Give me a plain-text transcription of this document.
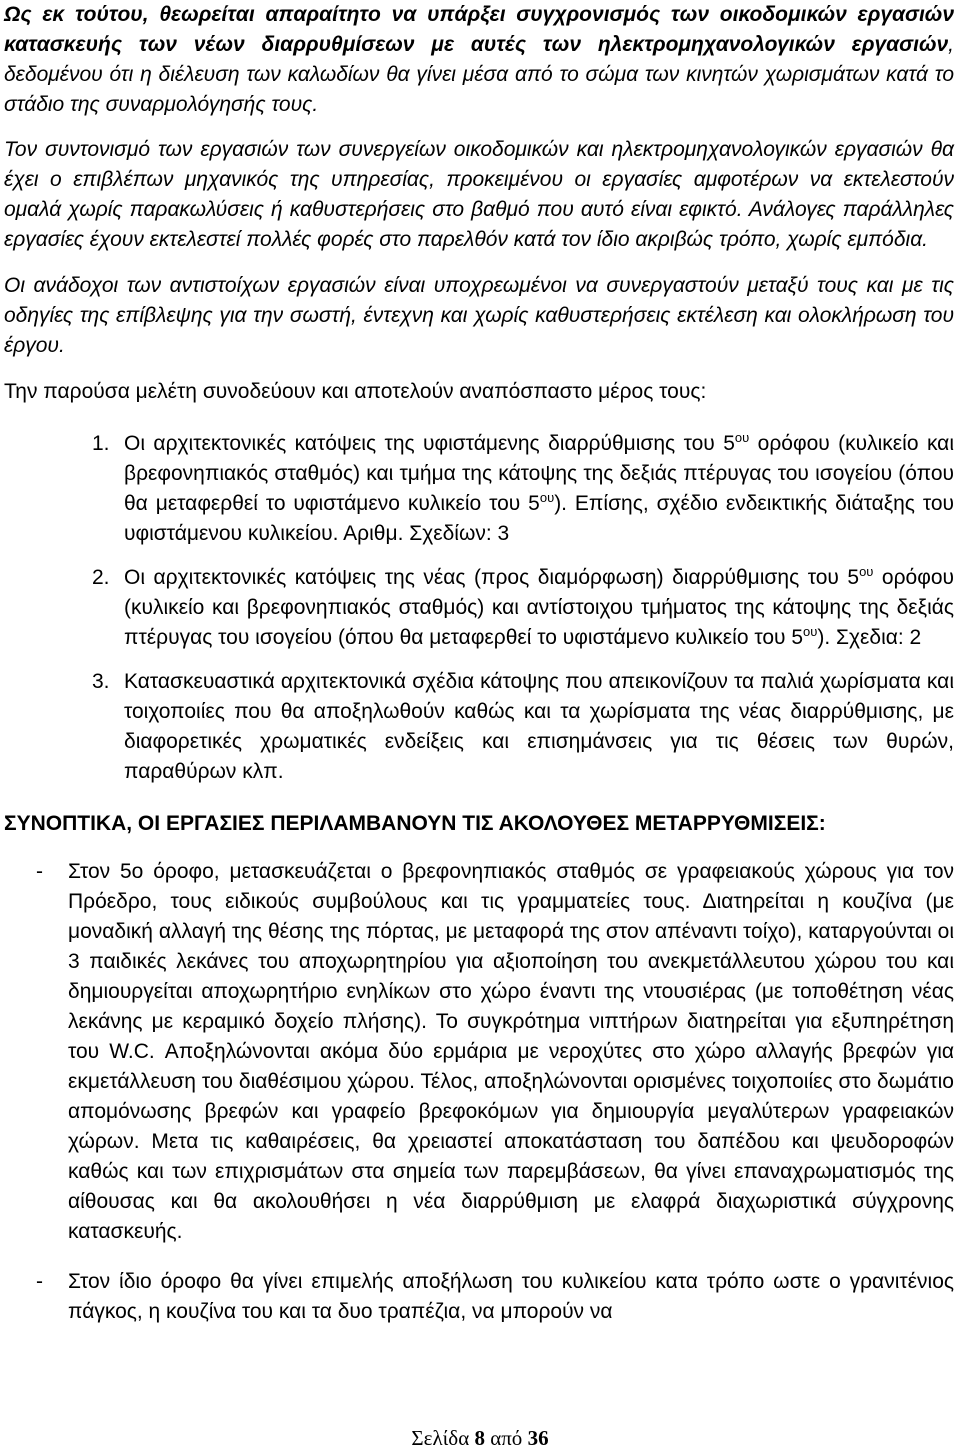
Ως εκ τούτου, θεωρείται απαραίτητο να υπάρξει συγχρονισμός των οικοδομικών εργασιών κατασκευής των νέων διαρρυθμίσεων με αυτές των ηλεκτρομηχανολογικών εργασιών, δεδομένου ότι η διέλευση των καλωδίων θα γίνει μέσα από το σώμα των κινητών χωρισμάτων κατά το στάδιο της συναρμολόγησής τους.

Τον συντονισμό των εργασιών των συνεργείων οικοδομικών και ηλεκτρομηχανολογικών εργασιών θα έχει ο επιβλέπων μηχανικός της υπηρεσίας, προκειμένου οι εργασίες αμφοτέρων να εκτελεστούν ομαλά χωρίς παρακωλύσεις ή καθυστερήσεις στο βαθμό που αυτό είναι εφικτό. Ανάλογες παράλληλες εργασίες έχουν εκτελεστεί πολλές φορές στο παρελθόν κατά τον ίδιο ακριβώς τρόπο, χωρίς εμπόδια.

Οι ανάδοχοι των αντιστοίχων εργασιών είναι υποχρεωμένοι να συνεργαστούν μεταξύ τους και με τις οδηγίες της επίβλεψης για την σωστή, έντεχνη και χωρίς καθυστερήσεις εκτέλεση και ολοκλήρωση του έργου.

Την παρούσα μελέτη συνοδεύουν και αποτελούν αναπόσπαστο μέρος τους:

1. Οι αρχιτεκτονικές κατόψεις της υφιστάμενης διαρρύθμισης του $5^{o\upsilon}$ ορόφου (κυλικείο και βρεφονηπιακός σταθμός) και τμήμα της κάτοψης της δεξιάς πτέρυγας του ισογείου (όπου θα μεταφερθεί το υφιστάμενο κυλικείο του $5^{o\upsilon}$). Επίσης, σχέδιο ενδεικτικής διάταξης του υφιστάμενου κυλικείου. Αριθμ. Σχεδίων: 3
2. Οι αρχιτεκτονικές κατόψεις της νέας (προς διαμόρφωση) διαρρύθμισης του $5^{o\upsilon}$ ορόφου (κυλικείο και βρεφονηπιακός σταθμός) και αντίστοιχου τμήματος της κάτοψης της δεξιάς πτέρυγας του ισογείου (όπου θα μεταφερθεί το υφιστάμενο κυλικείο του $5^{o\upsilon}$). Σχεδια: 2
3. Κατασκευαστικά αρχιτεκτονικά σχέδια κάτοψης που απεικονίζουν τα παλιά χωρίσματα και τοιχοποιίες που θα αποξηλωθούν καθώς και τα χωρίσματα της νέας διαρρύθμισης, με διαφορετικές χρωματικές ενδείξεις και επισημάνσεις για τις θέσεις των θυρών, παραθύρων κλπ.

ΣΥΝΟΠΤΙΚΑ, ΟΙ ΕΡΓΑΣΙΕΣ ΠΕΡΙΛΑΜΒΑΝΟΥΝ ΤΙΣ ΑΚΟΛΟΥΘΕΣ ΜΕΤΑΡΡΥΘΜΙΣΕΙΣ:

-	Στον 5ο όροφο, μετασκευάζεται ο βρεφονηπιακός σταθμός σε γραφειακούς χώρους για τον Πρόεδρο, τους ειδικούς συμβούλους και τις γραμματείες τους. Διατηρείται η κουζίνα (με μοναδική αλλαγή της θέσης της πόρτας, με μεταφορά της στον απέναντι τοίχο), καταργούνται οι 3 παιδικές λεκάνες του αποχωρητηρίου για αξιοποίηση του ανεκμετάλλευτου χώρου του και δημιουργείται αποχωρητήριο ενηλίκων στο χώρο έναντι της ντουσιέρας (με τοποθέτηση νέας λεκάνης με κεραμικό δοχείο πλήσης). Το συγκρότημα νιπτήρων διατηρείται για εξυπηρέτηση του W.C. Αποξηλώνονται ακόμα δύο ερμάρια με νεροχύτες στο χώρο αλλαγής βρεφών για εκμετάλλευση του διαθέσιμου χώρου. Τέλος, αποξηλώνονται ορισμένες τοιχοποιίες στο δωμάτιο απομόνωσης βρεφών και γραφείο βρεφοκόμων για δημιουργία μεγαλύτερων γραφειακών χώρων. Μετα τις καθαιρέσεις, θα χρειαστεί αποκατάσταση του δαπέδου και ψευδοροφών καθώς και των επιχρισμάτων στα σημεία των παρεμβάσεων, θα γίνει επαναχρωματισμός της αίθουσας και θα ακολουθήσει η νέα διαρρύθμιση με ελαφρά διαχωριστικά σύγχρονης κατασκευής.
-	Στον ίδιο όροφο θα γίνει επιμελής αποξήλωση του κυλικείου κατα τρόπο ωστε ο γρανιτένιος πάγκος, η κουζίνα του και τα δυο τραπέζια, να μπορούν να
Σελίδα 8 από 36
